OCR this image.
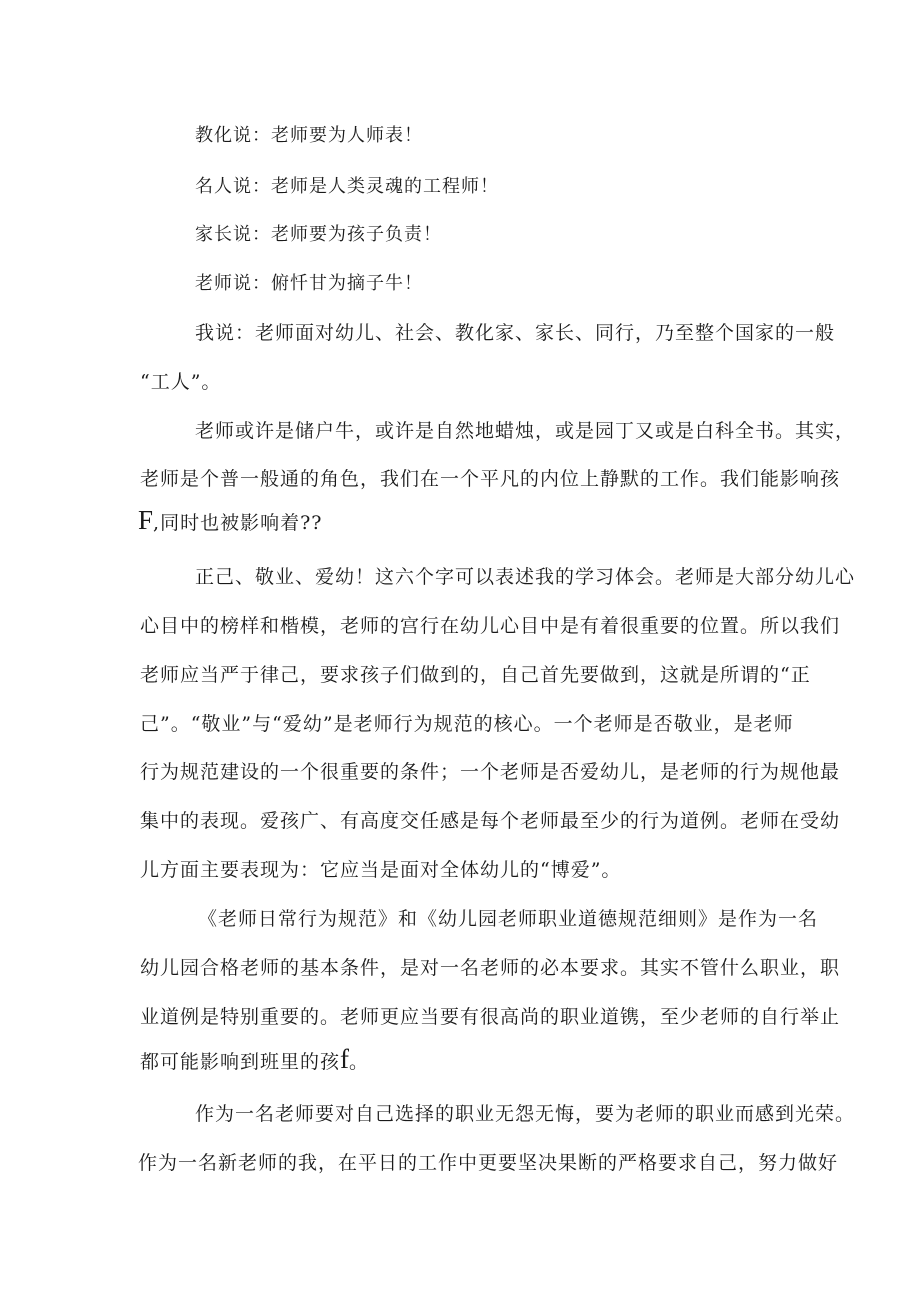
教化说：老师要为人师表！
名人说：老师是人类灵魂的工程师！
家长说：老师要为孩子负责！
老师说：俯忏甘为摘子牛！
我说：老师面对幼儿、社会、教化家、家长、同行，乃至整个国家的一般
“工人”。
老师或许是储户牛，或许是自然地蜡烛，或是园丁又或是白科全书。其实，
老师是个普一般通的角色，我们在一个平凡的内位上静默的工作。我们能影响孩
F,同时也被影响着??
正己、敬业、爱幼！这六个字可以表述我的学习体会。老师是大部分幼儿心
心目中的榜样和楷模，老师的宫行在幼儿心目中是有着很重要的位置。所以我们
老师应当严于律己，要求孩子们做到的，自己首先要做到，这就是所谓的“正
己”。“敬业”与“爱幼”是老师行为规范的核心。一个老师是否敬业，是老师
行为规范建设的一个很重要的条件；一个老师是否爱幼儿，是老师的行为规他最
集中的表现。爱孩广、有高度交任感是每个老师最至少的行为道例。老师在受幼
儿方面主要表现为：它应当是面对全体幼儿的“博爱”。
《老师日常行为规范》和《幼儿园老师职业道德规范细则》是作为一名
幼儿园合格老师的基本条件，是对一名老师的必本要求。其实不管什么职业，职
业道例是特别重要的。老师更应当要有很高尚的职业道镌，至少老师的自行举止
都可能影响到班里的孩f。
作为一名老师要对自己选择的职业无怨无悔，要为老师的职业而感到光荣。
作为一名新老师的我，在平日的工作中更要坚决果断的严格要求自己，努力做好
